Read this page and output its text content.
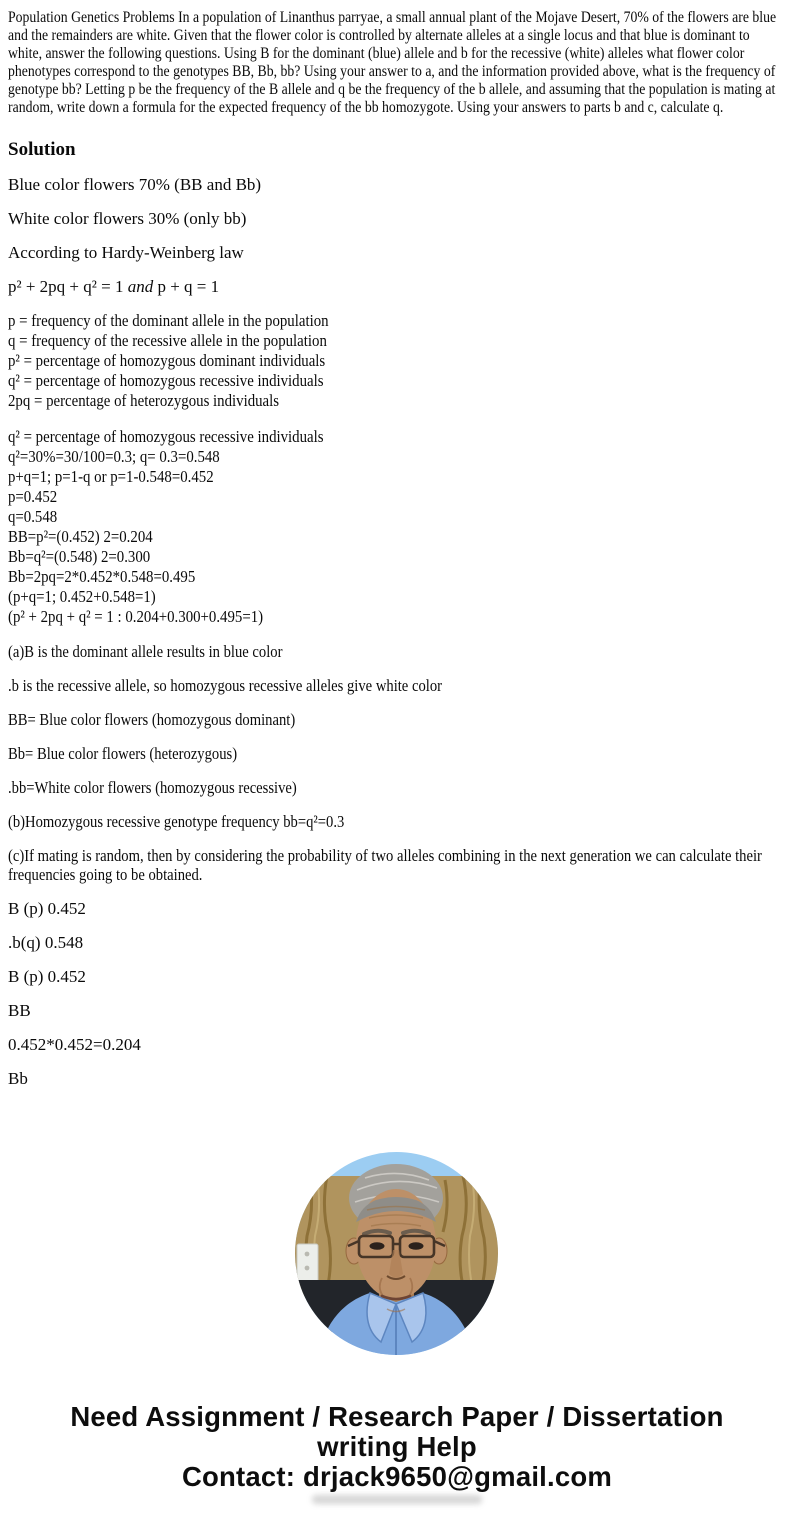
Population Genetics Problems In a population of Linanthus parryae, a small annual plant of the Mojave Desert, 70% of the flowers are blue and the remainders are white. Given that the flower color is controlled by alternate alleles at a single locus and that blue is dominant to white, answer the following questions. Using B for the dominant (blue) allele and b for the recessive (white) alleles what flower color phenotypes correspond to the genotypes BB, Bb, bb? Using your answer to a, and the information provided above, what is the frequency of genotype bb? Letting p be the frequency of the B allele and q be the frequency of the b allele, and assuming that the population is mating at random, write down a formula for the expected frequency of the bb homozygote. Using your answers to parts b and c, calculate q.

Solution

Blue color flowers 70% (BB and Bb)

White color flowers 30% (only bb)

According to Hardy-Weinberg law

p² + 2pq + q² = 1 and p + q = 1

p = frequency of the dominant allele in the population
q = frequency of the recessive allele in the population
p² = percentage of homozygous dominant individuals
q² = percentage of homozygous recessive individuals
2pq = percentage of heterozygous individuals
q² = percentage of homozygous recessive individuals
q²=30%=30/100=0.3; q= 0.3=0.548
p+q=1; p=1-q or p=1-0.548=0.452
p=0.452
q=0.548
BB=p²=(0.452) 2=0.204
Bb=q²=(0.548) 2=0.300
Bb=2pq=2*0.452*0.548=0.495
(p+q=1; 0.452+0.548=1)
(p² + 2pq + q² = 1 : 0.204+0.300+0.495=1)

(a)B is the dominant allele results in blue color

.b is the recessive allele, so homozygous recessive alleles give white color

BB= Blue color flowers (homozygous dominant)

Bb= Blue color flowers (heterozygous)

.bb=White color flowers (homozygous recessive)

(b)Homozygous recessive genotype frequency bb=q²=0.3

(c)If mating is random, then by considering the probability of two alleles combining in the next generation we can calculate their frequencies going to be obtained.

B (p) 0.452

.b(q) 0.548

B (p) 0.452

BB

0.452*0.452=0.204

Bb

Need Assignment / Research Paper / Dissertation
writing Help
Contact: drjack9650@gmail.com
